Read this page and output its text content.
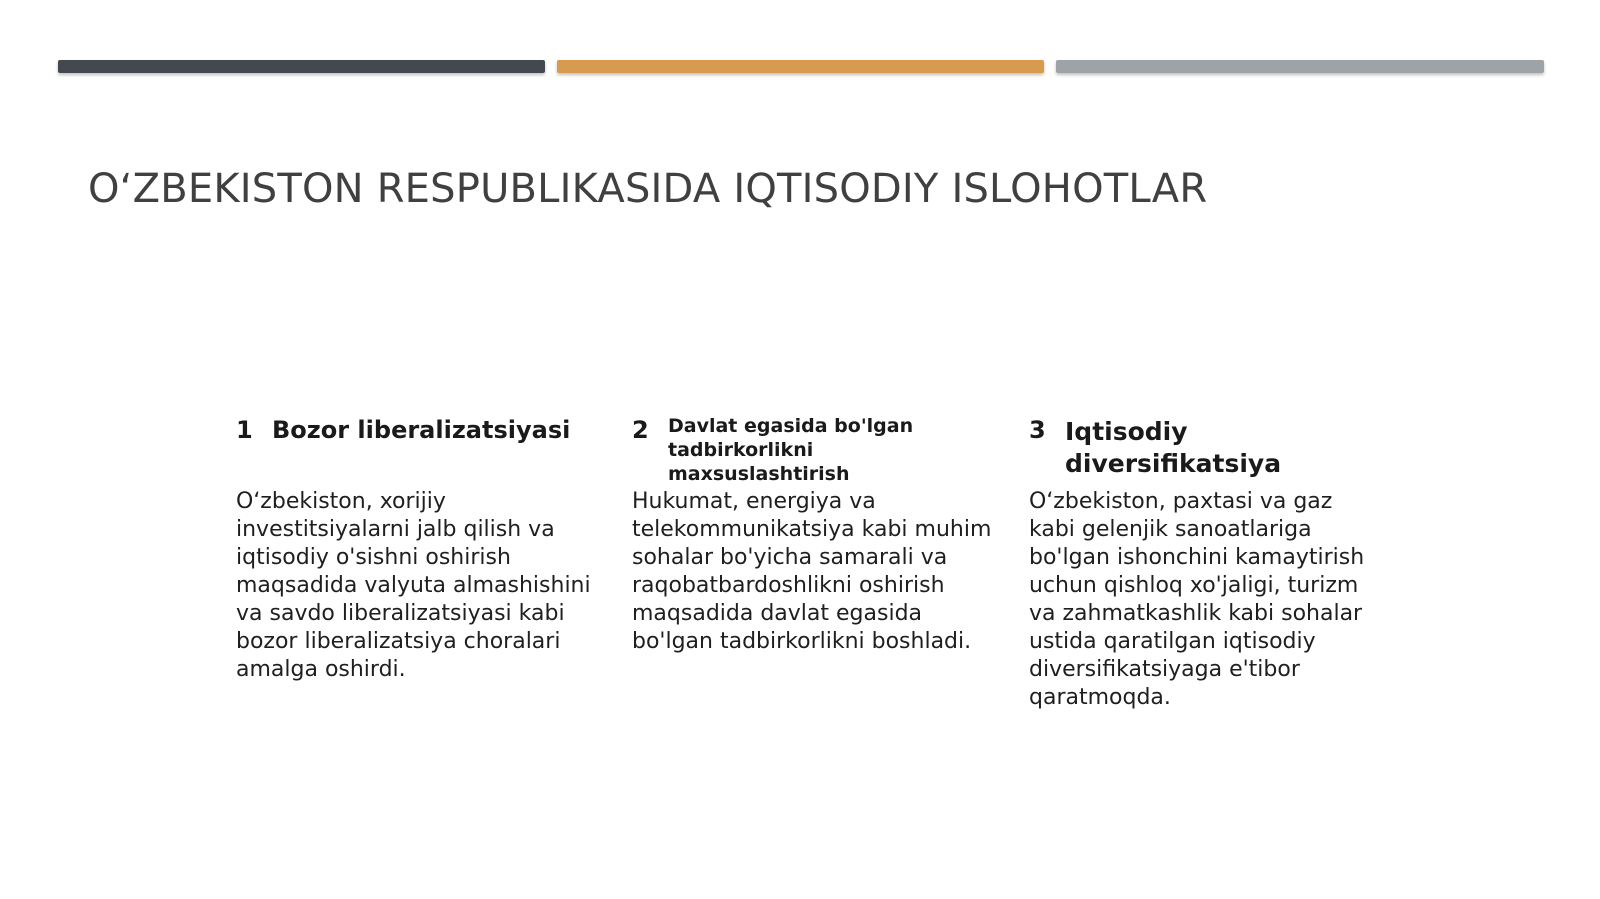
O‘ZBEKISTON RESPUBLIKASIDA IQTISODIY ISLOHOTLAR
1 Bozor liberalizatsiyasi

O‘zbekiston, xorijiy investitsiyalarni jalb qilish va iqtisodiy o'sishni oshirish maqsadida valyuta almashishini va savdo liberalizatsiyasi kabi bozor liberalizatsiya choralari amalga oshirdi.

2 Davlat egasida bo'lgan tadbirkorlikni maxsuslashtirish

Hukumat, energiya va telekommunikatsiya kabi muhim sohalar bo'yicha samarali va raqobatbardoshlikni oshirish maqsadida davlat egasida bo'lgan tadbirkorlikni boshladi.

3 Iqtisodiy diversifikatsiya

O‘zbekiston, paxtasi va gaz kabi gelenjik sanoatlariga bo'lgan ishonchini kamaytirish uchun qishloq xo'jaligi, turizm va zahmatkashlik kabi sohalar ustida qaratilgan iqtisodiy diversifikatsiyaga e'tibor qaratmoqda.
